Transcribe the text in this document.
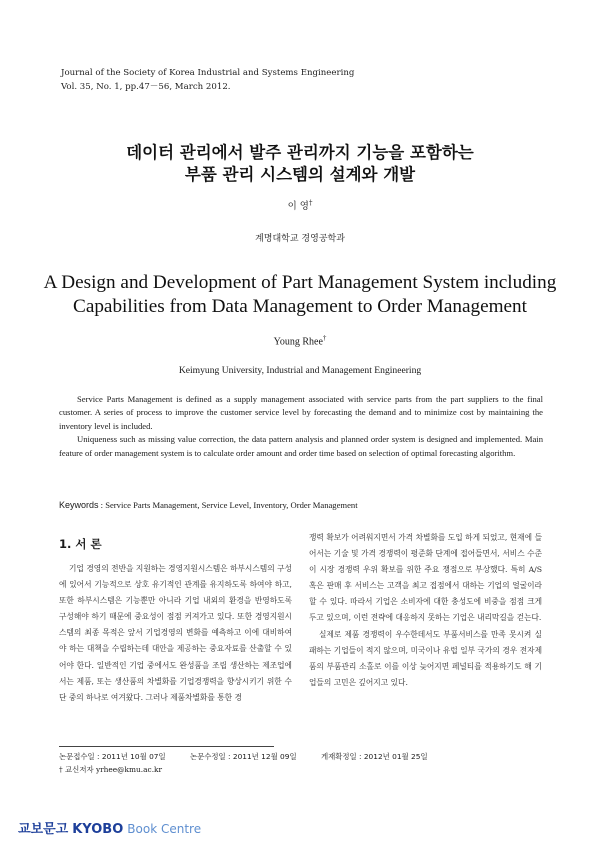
Journal of the Society of Korea Industrial and Systems Engineering
Vol. 35, No. 1, pp.47－56, March 2012.
데이터 관리에서 발주 관리까지 기능을 포함하는
부품 관리 시스템의 설계와 개발
이 영†
계명대학교 경영공학과
A Design and Development of Part Management System including
Capabilities from Data Management to Order Management
Young Rhee†
Keimyung University, Industrial and Management Engineering

Service Parts Management is defined as a supply management associated with service parts from the part suppliers to the final customer. A series of process to improve the customer service level by forecasting the demand and to minimize cost by maintaining the inventory level is included.

Uniqueness such as missing value correction, the data pattern analysis and planned order system is designed and implemented. Main feature of order management system is to calculate order amount and order time based on selection of optimal forecasting algorithm.

Keywords : Service Parts Management, Service Level, Inventory, Order Management
1. 서 론

기업 경영의 전반을 지원하는 경영지원시스템은 하부시스템의 구성에 있어서 기능적으로 상호 유기적인 관계를 유지하도록 하여야 하고, 또한 하부시스템은 기능뿐만 아니라 기업 내외의 환경을 반영하도록 구성해야 하기 때문에 중요성이 점점 커져가고 있다. 또한 경영지원시스템의 최종 목적은 앞서 기업경영의 변화를 예측하고 이에 대비하여야 하는 대책을 수립하는데 대안을 제공하는 중요자료를 산출할 수 있어야 한다. 일반적인 기업 중에서도 완성품을 조립 생산하는 제조업에서는 제품, 또는 생산품의 차별화를 기업경쟁력을 향상시키기 위한 수단 중의 하나로 여겨왔다. 그러나 제품차별화를 통한 경

쟁력 확보가 어려워지면서 가격 차별화를 도입 하게 되었고, 현재에 들어서는 기술 및 가격 경쟁력이 평준화 단계에 접어들면서, 서비스 수준이 시장 경쟁력 우위 확보를 위한 주요 쟁점으로 부상했다. 특히 A/S 혹은 판매 후 서비스는 고객을 최고 접점에서 대하는 기업의 얼굴이라 할 수 있다. 따라서 기업은 소비자에 대한 충성도에 비중을 점점 크게 두고 있으며, 이런 전략에 대응하지 못하는 기업은 내리막길을 걷는다.

실제로 제품 경쟁력이 우수한데서도 부품서비스를 만족 못시켜 실패하는 기업들이 적지 않으며, 미국이나 유럽 일부 국가의 경우 전자제품의 부품관리 소홀로 이를 이상 늦어지면 페널티를 적용하기도 해 기업들의 고민은 깊어지고 있다.

논문접수일 : 2011년 10월 07일	논문수정일 : 2011년 12월 09일	게재확정일 : 2012년 01월 25일
† 교신저자 yrhee@kmu.ac.kr
교보문고 KYOBO Book Centre
